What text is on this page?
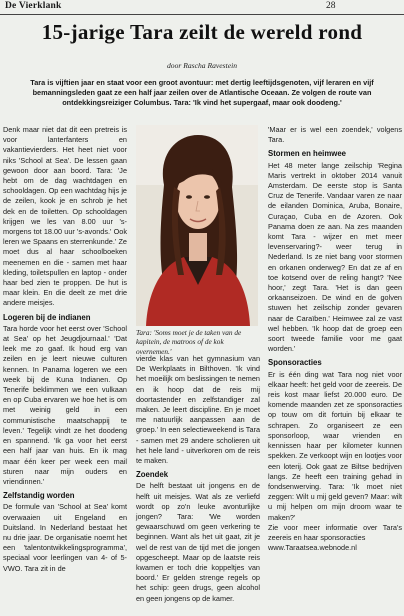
De Vierklank	28
15-jarige Tara zeilt de wereld rond
door Rascha Ravestein
Tara is vijftien jaar en staat voor een groot avontuur: met dertig leeftijdsgenoten, vijf leraren en vijf bemanningsleden gaat ze een half jaar zeilen over de Atlantische Oceaan. Ze volgen de route van ontdekkingsreiziger Columbus. Tara: 'Ik vind het supergaaf, maar ook doodeng.'

Denk maar niet dat dit een pretreis is voor lanterfanters en vakantievierders. Het heet niet voor niks 'School at Sea'. De lessen gaan gewoon door aan boord. Tara: 'Je hebt om de dag wachtdagen en schooldagen. Op een wachtdag hijs je de zeilen, kook je en schrob je het dek en de toiletten. Op schooldagen krijgen we les van 8.00 uur 's-morgens tot 18.00 uur 's-avonds.' Ook leren we Spaans en sterrenkunde.' Ze moet dus al haar schoolboeken meenemen en die - samen met haar kleding, toiletspullen en laptop - onder haar bed zien te proppen. De hut is maar klein. En die deelt ze met drie andere meisjes.

Logeren bij de indianen

Tara horde voor het eerst over 'School at Sea' op het Jeugdjournaal.' 'Dat leek me zo gaaf. Ik houd erg van zeilen en je leert nieuwe culturen kennen. In Panama logeren we een week bij de Kuna Indianen. Op Tenerife beklimmen we een vulkaan en op Cuba ervaren we hoe het is om met weinig geld in een communistische maatschappij te leven.' Tegelijk vindt ze het doodeng en spannend. 'Ik ga voor het eerst een half jaar van huis. En ik mag maar één keer per week een mail sturen naar mijn ouders en vriendinnen.'

Zelfstandig worden

De formule van 'School at Sea' komt overwaaien uit Engeland en Duitsland. In Nederland bestaat het nu drie jaar. De organisatie noemt het een 'talentontwikkelingsprogramma', speciaal voor leerlingen van 4- of 5-VWO. Tara zit in de

Tara: 'Soms moet je de taken van de kapitein, de matroos of de kok overnemen.'

vierde klas van het gymnasium van De Werkplaats in Bilthoven. 'Ik vind het moeilijk om beslissingen te nemen en ik hoop dat de reis mij doortastender en zelfstandiger zal maken. Je leert discipline. En je moet me natuurlijk aanpassen aan de groep.' In een selectieweekend is Tara - samen met 29 andere scholieren uit het hele land - uitverkoren om de reis te maken.

Zoendek

De helft bestaat uit jongens en de helft uit meisjes. Wat als ze verliefd wordt op zo'n leuke avonturlijke jongen? Tara: 'We worden gewaarschuwd om geen verkering te beginnen. Want als het uit gaat, zit je wel de rest van de tijd met die jongen opgescheept. Maar op de laatste reis kwamen er toch drie koppeltjes van boord.' Er gelden strenge regels op het schip: geen drugs, geen alcohol en geen jongens op de kamer.

'Maar er is wel een zoendek,' volgens Tara.

Stormen en heimwee

Het 48 meter lange zeilschip 'Regina Maris vertrekt in oktober 2014 vanuit Amsterdam. De eerste stop is Santa Cruz de Tenerife. Vandaar varen ze naar de eilanden Dominica, Aruba, Bonaire, Curaçao, Cuba en de Azoren. Ook Panama doen ze aan. Na zes maanden komt Tara - wijzer en met meer levenservaring?- weer terug in Nederland. Is ze niet bang voor stormen en orkanen onderweg? En dat ze af en toe kotsend over de reling hangt? 'Nee hoor,' zegt Tara. 'Het is dan geen orkaanseizoen. De wind en de golven stuwen het zeilschip zonder gevaren naar de Caraïben.' Heimwee zal ze vast wel hebben. 'Ik hoop dat de groep een soort tweede familie voor me gaat worden.'

Sponsoracties

Er is één ding wat Tara nog niet voor elkaar heeft: het geld voor de zeereis. De reis kost maar liefst 20.000 euro. De komende maanden zet ze sponsoracties op touw om dit fortuin bij elkaar te schrapen. Zo organiseert ze een sponsorloop, waar vrienden en kennissen haar per kilometer kunnen spekken. Ze verkoopt wijn en lootjes voor een loterij. Ook gaat ze Biltse bedrijven langs. Ze heeft een training gehad in fondsenwerving. Tara: 'Ik moet niet zeggen: Wilt u mij geld geven? Maar: wilt u mij helpen om mijn droom waar te maken?'

Zie voor meer informatie over Tara's zeereis en haar sponsoracties

www.Taraatsea.webnode.nl
